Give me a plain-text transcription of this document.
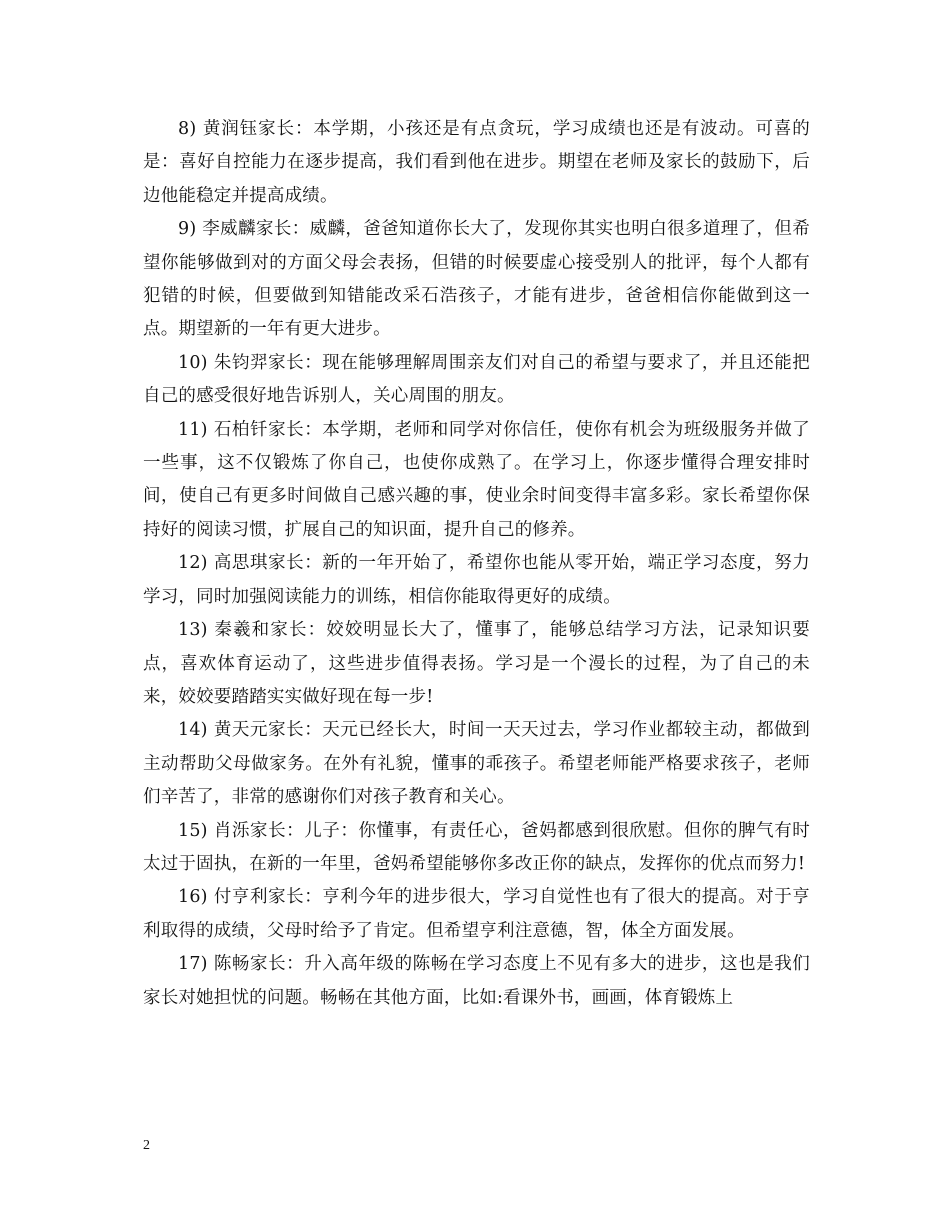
8) 黄润钰家长：本学期，小孩还是有点贪玩，学习成绩也还是有波动。可喜的是：喜好自控能力在逐步提高，我们看到他在进步。期望在老师及家长的鼓励下，后边他能稳定并提高成绩。

9) 李威麟家长：威麟，爸爸知道你长大了，发现你其实也明白很多道理了，但希望你能够做到对的方面父母会表扬，但错的时候要虚心接受别人的批评，每个人都有犯错的时候，但要做到知错能改采石浩孩子，才能有进步，爸爸相信你能做到这一点。期望新的一年有更大进步。

10) 朱钧羿家长：现在能够理解周围亲友们对自己的希望与要求了，并且还能把自己的感受很好地告诉别人，关心周围的朋友。

11) 石柏钎家长：本学期，老师和同学对你信任，使你有机会为班级服务并做了一些事，这不仅锻炼了你自己，也使你成熟了。在学习上，你逐步懂得合理安排时间，使自己有更多时间做自己感兴趣的事，使业余时间变得丰富多彩。家长希望你保持好的阅读习惯，扩展自己的知识面，提升自己的修养。

12) 高思琪家长：新的一年开始了，希望你也能从零开始，端正学习态度，努力学习，同时加强阅读能力的训练，相信你能取得更好的成绩。

13) 秦羲和家长：姣姣明显长大了，懂事了，能够总结学习方法，记录知识要点，喜欢体育运动了，这些进步值得表扬。学习是一个漫长的过程，为了自己的未来，姣姣要踏踏实实做好现在每一步!

14) 黄天元家长：天元已经长大，时间一天天过去，学习作业都较主动，都做到主动帮助父母做家务。在外有礼貌，懂事的乖孩子。希望老师能严格要求孩子，老师们辛苦了，非常的感谢你们对孩子教育和关心。

15) 肖泺家长：儿子：你懂事，有责任心，爸妈都感到很欣慰。但你的脾气有时太过于固执，在新的一年里，爸妈希望能够你多改正你的缺点，发挥你的优点而努力!

16) 付亨利家长：亨利今年的进步很大，学习自觉性也有了很大的提高。对于亨利取得的成绩，父母时给予了肯定。但希望亨利注意德，智，体全方面发展。

17) 陈畅家长：升入高年级的陈畅在学习态度上不见有多大的进步，这也是我们家长对她担忧的问题。畅畅在其他方面，比如:看课外书，画画，体育锻炼上

2
